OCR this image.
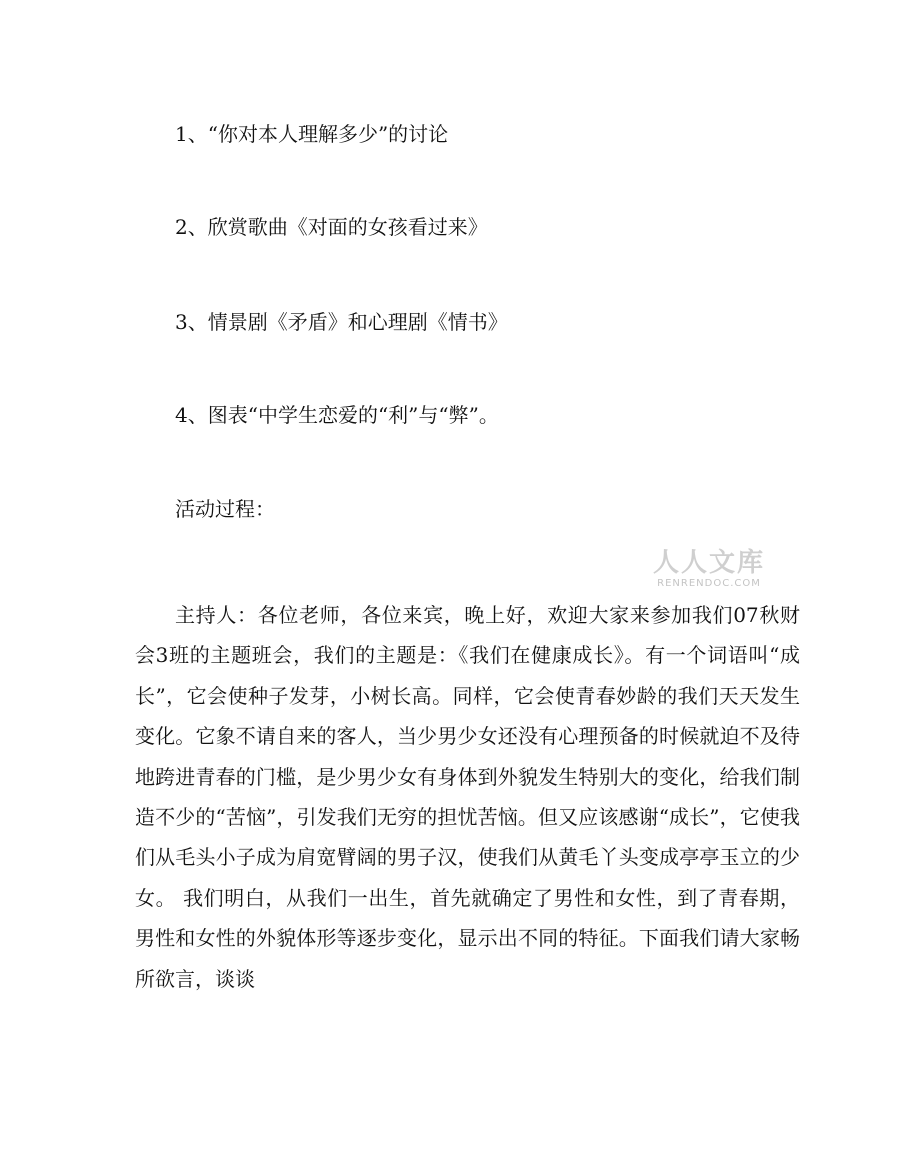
1、“你对本人理解多少”的讨论
2、欣赏歌曲《对面的女孩看过来》
3、情景剧《矛盾》和心理剧《情书》
4、图表“中学生恋爱的“利”与“弊”。
活动过程：
人人文库
RENRENDOC.COM
主持人：各位老师，各位来宾，晚上好，欢迎大家来参加我们07秋财会3班的主题班会，我们的主题是：《我们在健康成长》。有一个词语叫“成长”，它会使种子发芽，小树长高。同样，它会使青春妙龄的我们天天发生变化。它象不请自来的客人，当少男少女还没有心理预备的时候就迫不及待地跨进青春的门槛，是少男少女有身体到外貌发生特别大的变化，给我们制造不少的“苦恼”，引发我们无穷的担忧苦恼。但又应该感谢“成长”，它使我们从毛头小子成为肩宽臂阔的男子汉，使我们从黄毛丫头变成亭亭玉立的少女。 我们明白，从我们一出生，首先就确定了男性和女性，到了青春期，男性和女性的外貌体形等逐步变化，显示出不同的特征。下面我们请大家畅所欲言，谈谈
